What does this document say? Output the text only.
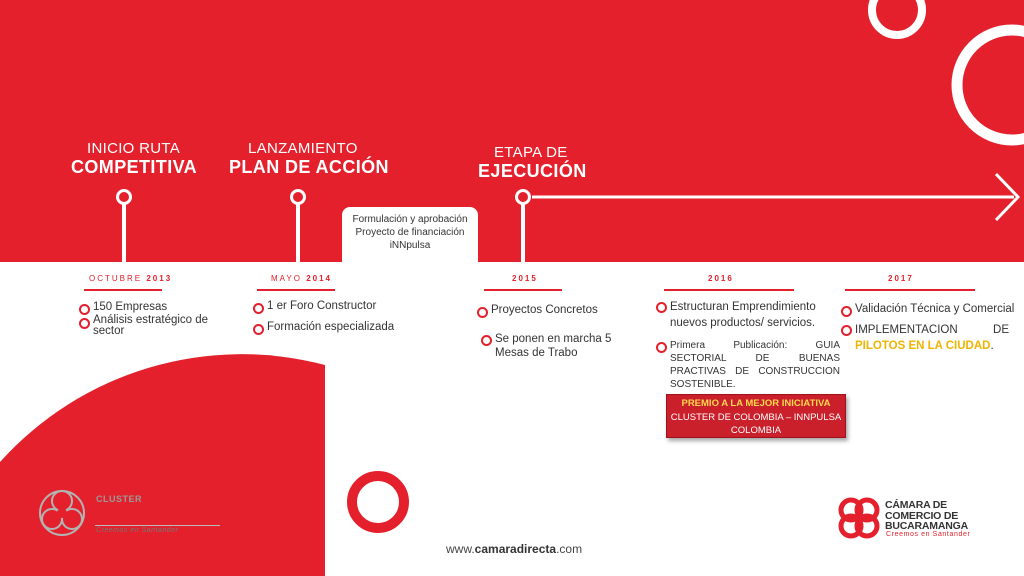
INICIO RUTA
COMPETITIVA
LANZAMIENTO
PLAN DE ACCIÓN
ETAPA DE
EJECUCIÓN
Formulación y aprobación Proyecto de financiación iNNpulsa
OCTUBRE 2013	MAYO 2014	2015	2016	2017
150 Empresas
Análisis estratégico de sector
1 er Foro Constructor
Formación especializada
Proyectos Concretos
Se ponen en marcha 5 Mesas de Trabo
Estructuran Emprendimiento nuevos productos/ servicios.
Primera Publicación: GUIA SECTORIAL DE BUENAS PRACTIVAS DE CONSTRUCCION SOSTENIBLE.
Validación Técnica y Comercial
IMPLEMENTACION	DE

PILOTOS EN LA CIUDAD.
PREMIO A LA MEJOR INICIATIVA
CLUSTER DE COLOMBIA – INNPULSA COLOMBIA
CLUSTER
Construcción
Creemos en Santander
www.camaradirecta.com
CÁMARA DE
COMERCIO DE
BUCARAMANGA
Creemos en Santander
